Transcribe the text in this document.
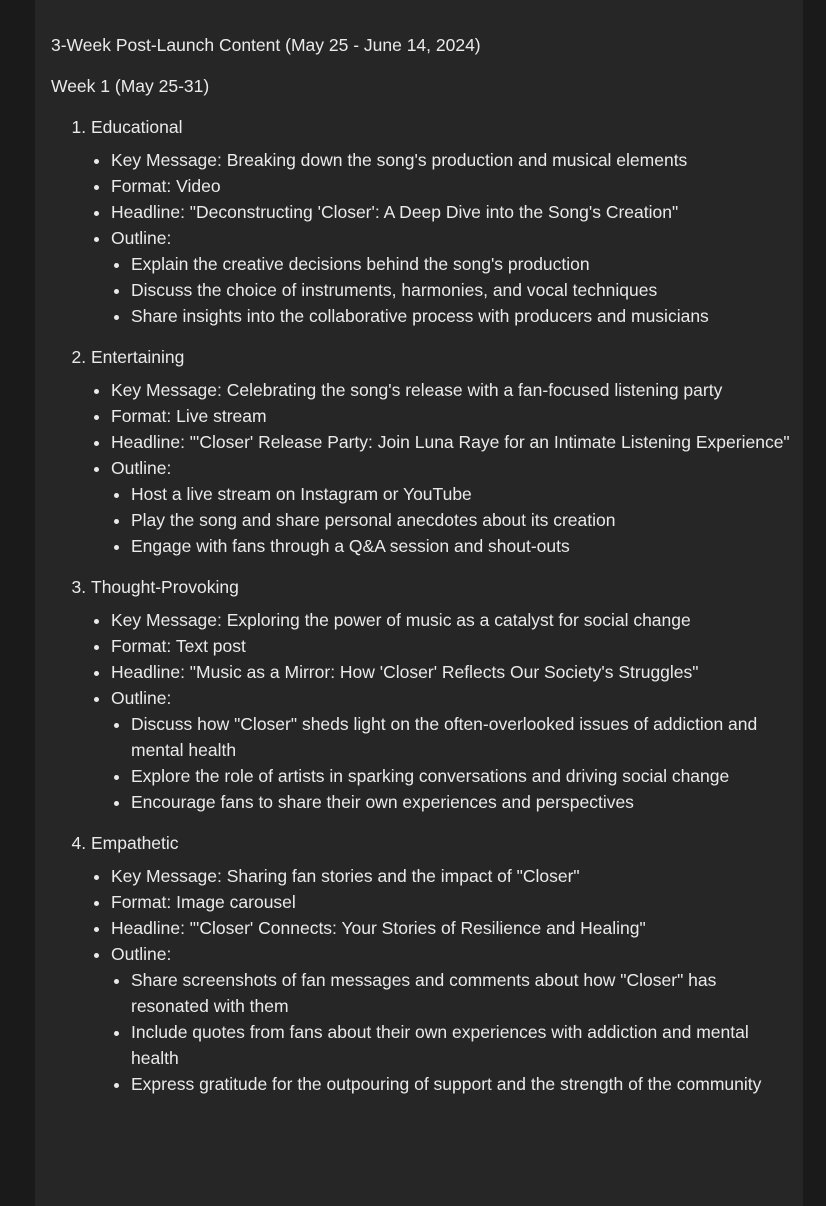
3-Week Post-Launch Content (May 25 - June 14, 2024)

Week 1 (May 25-31)

1. Educational
• Key Message: Breaking down the song's production and musical elements
• Format: Video
• Headline: "Deconstructing 'Closer': A Deep Dive into the Song's Creation"
• Outline:
• Explain the creative decisions behind the song's production
• Discuss the choice of instruments, harmonies, and vocal techniques
• Share insights into the collaborative process with producers and musicians
2. Entertaining
• Key Message: Celebrating the song's release with a fan-focused listening party
• Format: Live stream
• Headline: "'Closer' Release Party: Join Luna Raye for an Intimate Listening Experience"
• Outline:
• Host a live stream on Instagram or YouTube
• Play the song and share personal anecdotes about its creation
• Engage with fans through a Q&A session and shout-outs
3. Thought-Provoking
• Key Message: Exploring the power of music as a catalyst for social change
• Format: Text post
• Headline: "Music as a Mirror: How 'Closer' Reflects Our Society's Struggles"
• Outline:
• Discuss how "Closer" sheds light on the often-overlooked issues of addiction and mental health
• Explore the role of artists in sparking conversations and driving social change
• Encourage fans to share their own experiences and perspectives
4. Empathetic
• Key Message: Sharing fan stories and the impact of "Closer"
• Format: Image carousel
• Headline: "'Closer' Connects: Your Stories of Resilience and Healing"
• Outline:
• Share screenshots of fan messages and comments about how "Closer" has resonated with them
• Include quotes from fans about their own experiences with addiction and mental health
• Express gratitude for the outpouring of support and the strength of the community
